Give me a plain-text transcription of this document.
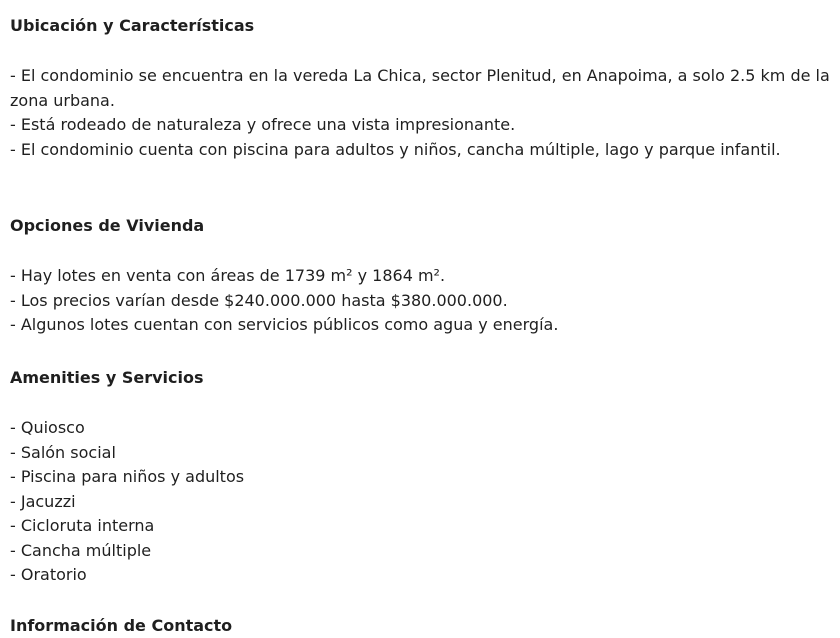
Ubicación y Características
- El condominio se encuentra en la vereda La Chica, sector Plenitud, en Anapoima, a solo 2.5 km de la zona urbana.
- Está rodeado de naturaleza y ofrece una vista impresionante.
- El condominio cuenta con piscina para adultos y niños, cancha múltiple, lago y parque infantil.
Opciones de Vivienda
- Hay lotes en venta con áreas de 1739 m² y 1864 m².
- Los precios varían desde $240.000.000 hasta $380.000.000.
- Algunos lotes cuentan con servicios públicos como agua y energía.
Amenities y Servicios
- Quiosco
- Salón social
- Piscina para niños y adultos
- Jacuzzi
- Cicloruta interna
- Cancha múltiple
- Oratorio
Información de Contacto
